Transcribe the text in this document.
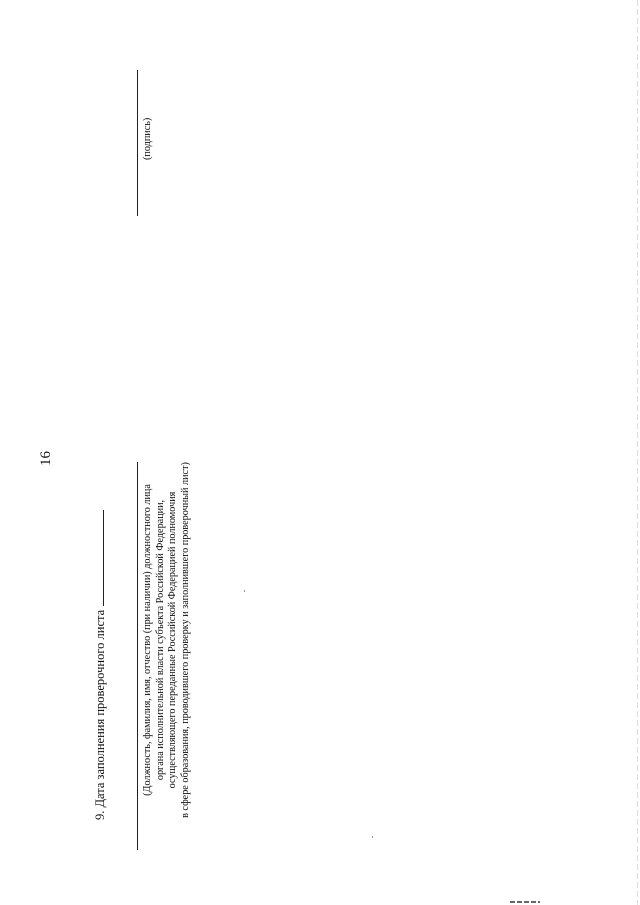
16
9. Дата заполнения проверочного листа	(Должность, фамилия, имя, отчество (при наличии) должностного лица органа исполнительной власти субъекта Российской Федерации, осуществляющего переданные Российской Федерацией полномочия в сфере образования, проводившего проверку и заполнившего проверочный лист)
(подпись)
